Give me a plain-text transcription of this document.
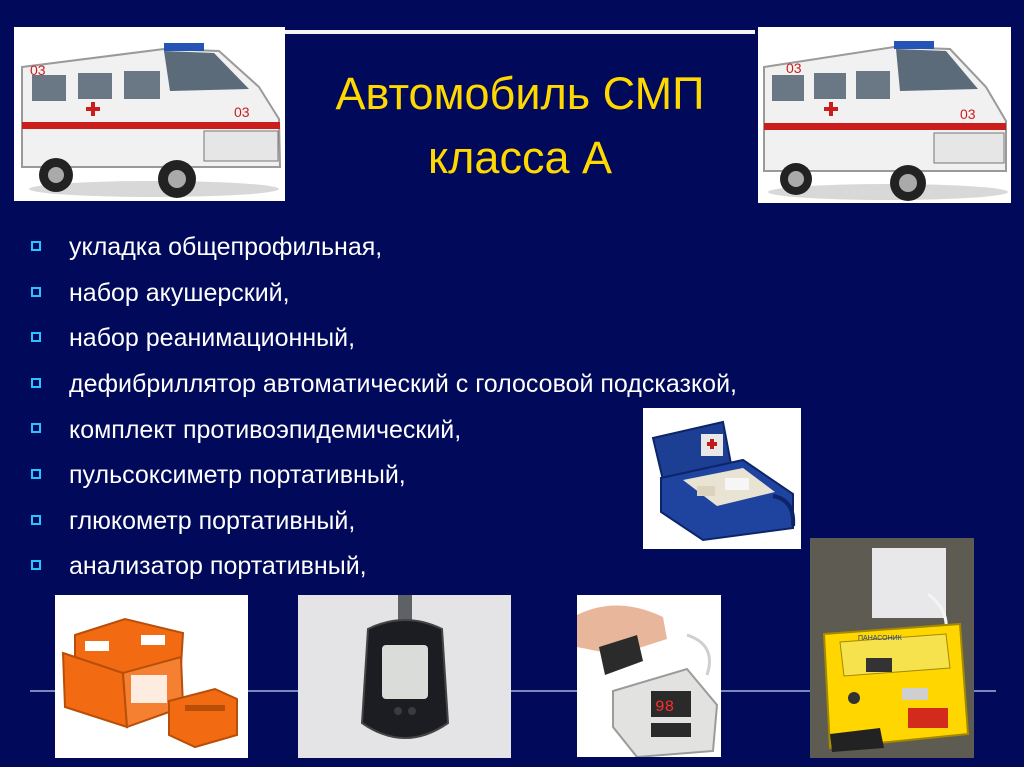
Автомобиль СМП
класса А
укладка общепрофильная,
набор акушерский,
набор реанимационный,
дефибриллятор автоматический с голосовой подсказкой,
комплект противоэпидемический,
пульсоксиметр портативный,
глюкометр портативный,
анализатор портативный,
03
03
03
03
98
ПАНАСОНИК
